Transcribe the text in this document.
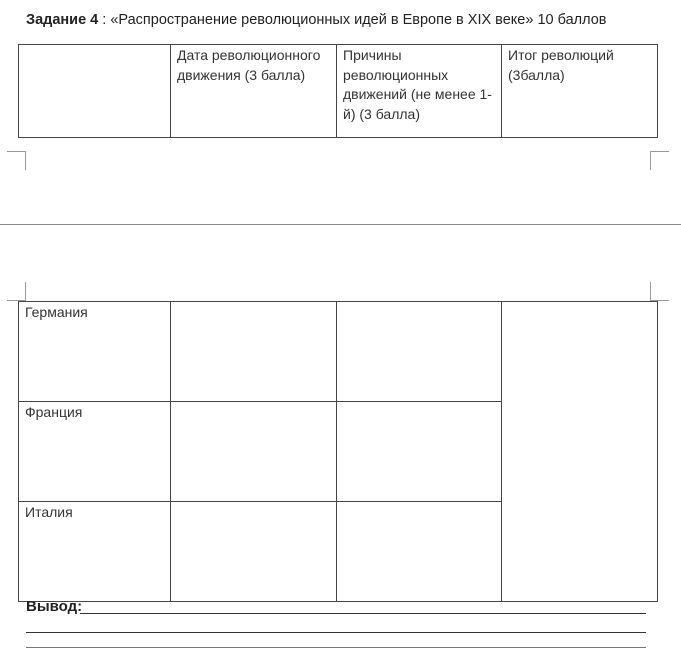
Задание 4 : «Распространение революционных идей в Европе в XIX веке» 10 баллов
	Дата революционного движения (3 балла)	Причины революционных движений (не менее 1-й) (3 балла)	Итог революций (3балла)
Германия			
Франция			
Италия			
Вывод:
